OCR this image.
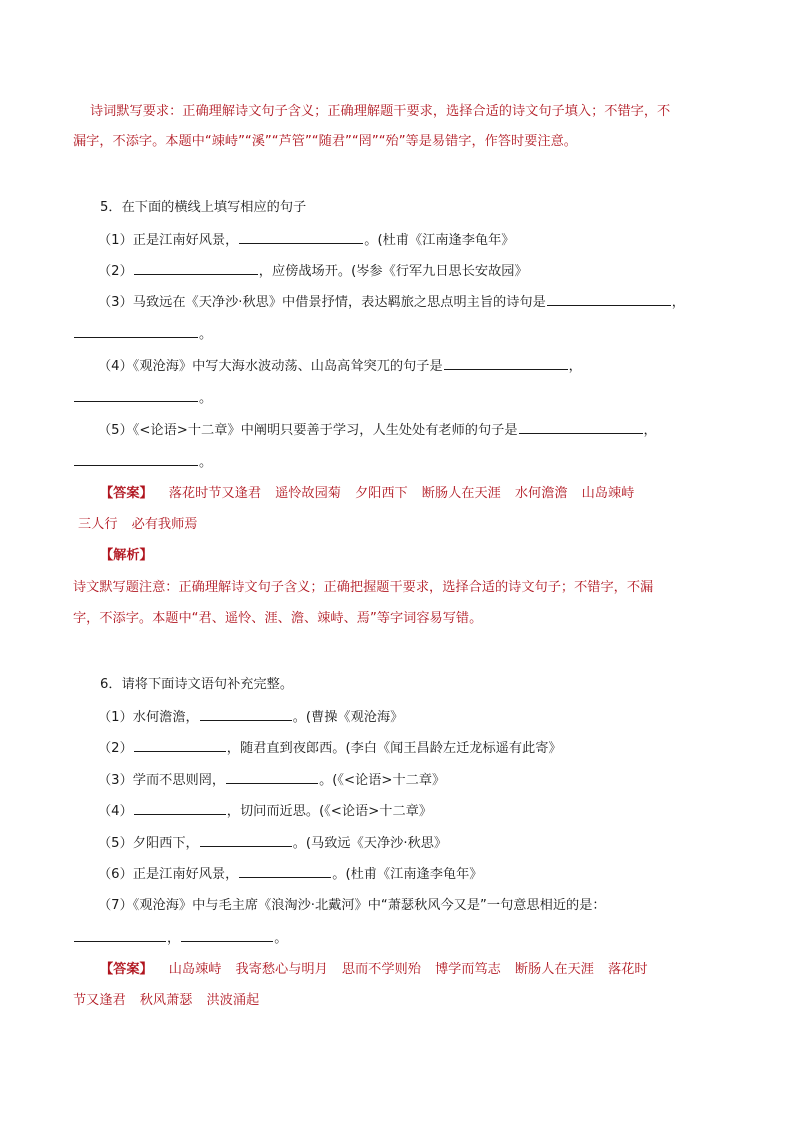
诗词默写要求：正确理解诗文句子含义；正确理解题干要求，选择合适的诗文句子填入；不错字，不
漏字，不添字。本题中“竦峙”“溪”“芦管”“随君”“罔”“殆”等是易错字，作答时要注意。
5．在下面的横线上填写相应的句子
（1）正是江南好风景，	。(杜甫《江南逢李龟年》
（2）	，应傍战场开。(岑参《行军九日思长安故园》
（3）马致远在《天净沙·秋思》中借景抒情，表达羁旅之思点明主旨的诗句是	，
。
（4）《观沧海》中写大海水波动荡、山岛高耸突兀的句子是	，
。
（5）《<论语>十二章》中阐明只要善于学习，人生处处有老师的句子是	，
。
【答案】 落花时节又逢君 遥怜故园菊 夕阳西下 断肠人在天涯 水何澹澹 山岛竦峙
三人行 必有我师焉
【解析】
诗文默写题注意：正确理解诗文句子含义；正确把握题干要求，选择合适的诗文句子；不错字，不漏
字，不添字。本题中“君、遥怜、涯、澹、竦峙、焉”等字词容易写错。
6．请将下面诗文语句补充完整。
（1）水何澹澹，	。(曹操《观沧海》
（2）	，随君直到夜郎西。(李白《闻王昌龄左迁龙标遥有此寄》
（3）学而不思则罔，	。(《<论语>十二章》
（4）	，切问而近思。(《<论语>十二章》
（5）夕阳西下，	。(马致远《天净沙·秋思》
（6）正是江南好风景，	。(杜甫《江南逢李龟年》
（7）《观沧海》中与毛主席《浪淘沙·北戴河》中“萧瑟秋风今又是”一句意思相近的是：
，	。
【答案】 山岛竦峙 我寄愁心与明月 思而不学则殆 博学而笃志 断肠人在天涯 落花时
节又逢君 秋风萧瑟 洪波涌起
